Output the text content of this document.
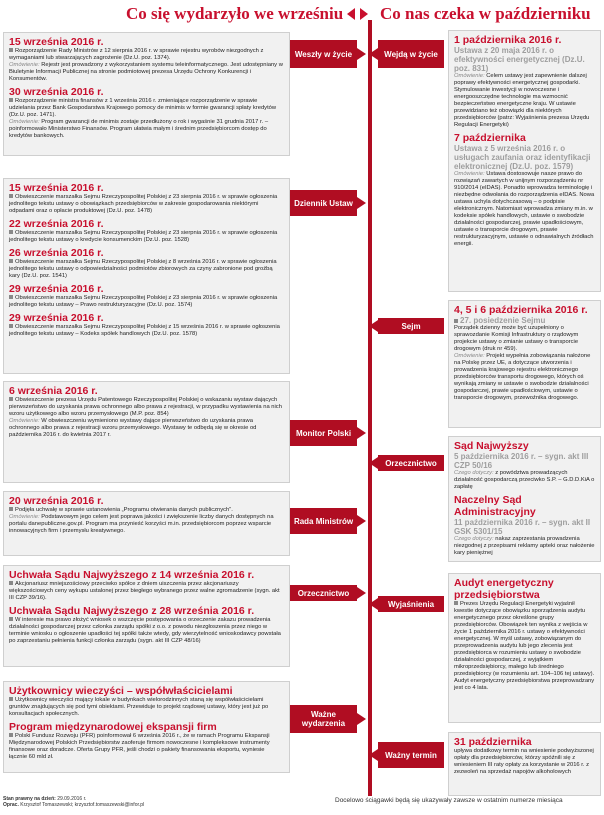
Co się wydarzyło we wrześniu Co nas czeka w październiku
15 września 2016 r.
Rozporządzenie Rady Ministrów z 12 sierpnia 2016 r. w sprawie rejestru wyrobów niezgodnych z wymaganiami lub stwarzających zagrożenie (Dz.U. poz. 1374).
Omówienie: Rejestr jest prowadzony z wykorzystaniem systemu teleinformatycznego. Jest udostępniany w Biuletynie Informacji Publicznej na stronie podmiotowej prezesa Urzędu Ochrony Konkurencji i Konsumentów.
30 września 2016 r.
Rozporządzenie ministra finansów z 1 września 2016 r. zmieniające rozporządzenie w sprawie udzielania przez Bank Gospodarstwa Krajowego pomocy de minimis w formie gwarancji spłaty kredytów (Dz.U. poz. 1471).
Omówienie: Program gwarancji de minimis zostaje przedłużony o rok i wygaśnie 31 grudnia 2017 r. – poinformowało Ministerstwo Finansów. Program ułatwia małym i średnim przedsiębiorcom dostęp do kredytów bankowych.
Weszły w życie
15 września 2016 r.
Obwieszczenie marszałka Sejmu Rzeczypospolitej Polskiej z 23 sierpnia 2016 r. w sprawie ogłoszenia jednolitego tekstu ustawy o obowiązkach przedsiębiorców w zakresie gospodarowania niektórymi odpadami oraz o opłacie produktowej (Dz.U. poz. 1478)
22 września 2016 r.
Obwieszczenie marszałka Sejmu Rzeczypospolitej Polskiej z 23 sierpnia 2016 r. w sprawie ogłoszenia jednolitego tekstu ustawy o kredycie konsumenckim (Dz.U. poz. 1528)
26 września 2016 r.
Obwieszczenie marszałka Sejmu Rzeczypospolitej Polskiej z 8 września 2016 r. w sprawie ogłoszenia jednolitego tekstu ustawy o odpowiedzialności podmiotów zbiorowych za czyny zabronione pod groźbą kary (Dz.U. poz. 1541)
29 września 2016 r.
Obwieszczenie marszałka Sejmu Rzeczypospolitej Polskiej z 23 sierpnia 2016 r. w sprawie ogłoszenia jednolitego tekstu ustawy – Prawo restrukturyzacyjne (Dz.U. poz. 1574)
29 września 2016 r.
Obwieszczenie marszałka Sejmu Rzeczypospolitej Polskiej z 15 września 2016 r. w sprawie ogłoszenia jednolitego tekstu ustawy – Kodeks spółek handlowych (Dz.U. poz. 1578)
Dziennik Ustaw
6 września 2016 r.
Obwieszczenie prezesa Urzędu Patentowego Rzeczypospolitej Polskiej o wskazaniu wystaw dających pierwszeństwo do uzyskania prawa ochronnego albo prawa z rejestracji, w przypadku wystawienia na nich wzoru użytkowego albo wzoru przemysłowego (M.P. poz. 854)
Omówienie: W obwieszczeniu wymieniono wystawy dające pierwszeństwo do uzyskania prawa ochronnego albo prawa z rejestracji wzoru przemysłowego. Wystawy te odbędą się w okresie od października 2016 r. do kwietnia 2017 r.	Monitor Polski
20 września 2016 r.
Podjęła uchwałę w sprawie ustanowienia „Programu otwierania danych publicznych”.
Omówienie: Podstawowym jego celem jest poprawa jakości i zwiększenie liczby danych dostępnych na portalu danepubliczne.gov.pl. Program ma przynieść korzyści m.in. przedsiębiorcom poprzez wsparcie innowacyjnych firm i przemysłu kreatywnego.
Rada Ministrów
Uchwała Sądu Najwyższego z 14 września 2016 r.
Akcjonariusz mniejszościowy przeciwko spółce z dniem uiszczenia przez akcjonariuszy większościowych ceny wykupu ustalonej przez biegłego wybranego przez walne zgromadzenie (sygn. akt III CZP 39/16).
Uchwała Sądu Najwyższego z 28 września 2016 r.
W interesie ma prawo złożyć wniosek o wszczęcie postępowania o orzeczenie zakazu prowadzenia działalności gospodarczej przez członka zarządu spółki z o.o. z powodu niezgłoszenia przez niego w terminie wniosku o ogłoszenie upadłości tej spółki także wtedy, gdy wierzytelność wnioskodawcy powstała po zaprzestaniu pełnienia funkcji członka zarządu (sygn. akt III CZP 48/16)
Orzecznictwo
Użytkownicy wieczyści – współwłaścicielami
Użytkownicy wieczyści mający lokale w budynkach wielorodzinnych staną się współwłaścicielami gruntów znajdujących się pod tymi obiektami. Przewiduje to projekt rządowej ustawy, który jest już po konsultacjach społecznych.
Program międzynarodowej ekspansji firm
Polski Fundusz Rozwoju (PFR) poinformował 6 września 2016 r., że w ramach Programu Ekspansji Międzynarodowej Polskich Przedsiębiorstw zaoferuje firmom nowoczesne i kompleksowe instrumenty finansowe oraz doradcze. Oferta Grupy PFR, jeśli chodzi o pakiety finansowania eksportu, wyniesie łącznie 60 mld zł.
Ważne wydarzenia
1 października 2016 r.
Ustawa z 20 maja 2016 r. o efektywności energetycznej (Dz.U. poz. 831)
Omówienie: Celem ustawy jest zapewnienie dalszej poprawy efektywności energetycznej gospodarki. Stymulowanie inwestycji w nowoczesne i energooszczędne technologie ma wzmocnić bezpieczeństwo energetyczne kraju. W ustawie przewidziano też obowiązki dla niektórych przedsiębiorców (patrz: Wyjaśnienia prezesa Urzędu Regulacji Energetyki)
7 października
Ustawa z 5 września 2016 r. o usługach zaufania oraz identyfikacji elektronicznej (Dz.U. poz. 1579)
Omówienie: Ustawa dostosowuje nasze prawo do rozwiązań zawartych w unijnym rozporządzeniu nr 910/2014 (eIDAS). Ponadto wprowadza terminologię i niezbędne odwołania do rozporządzenia eIDAS. Nowa ustawa uchyla dotychczasową – o podpisie elektronicznym. Natomiast wprowadza zmiany m.in. w kodeksie spółek handlowych, ustawie o swobodzie działalności gospodarczej, prawie upadłościowym, ustawie o transporcie drogowym, prawie restrukturyzacyjnym, ustawie o odnawialnych źródłach energii.
Wejdą w życie
4, 5 i 6 października 2016 r.
27. posiedzenie Sejmu
Porządek dzienny może być uzupełniony o sprawozdanie Komisji Infrastruktury o rządowym projekcie ustawy o zmianie ustawy o transporcie drogowym (druk nr 459).
Omówienie: Projekt wypełnia zobowiązania nałożone na Polskę przez UE, a dotyczące utworzenia i prowadzenia krajowego rejestru elektronicznego przedsiębiorców transportu drogowego, których oś wynikają zmiany w ustawie o swobodzie działalności gospodarczej, prawie upadłościowym, ustawie o transporcie drogowym, przewoźnika drogowego.
Sejm
Sąd Najwyższy
5 października 2016 r. – sygn. akt III CZP 50/16
Czego dotyczy: z powództwa prowadzących działalność gospodarczą przeciwko S.P. – G.D.D.KiA o zapłatę
Naczelny Sąd Administracyjny
11 października 2016 r. – sygn. akt II GSK 5301/15
Czego dotyczy: nakaz zaprzestania prowadzenia niezgodnej z przepisami reklamy apteki oraz nałożenie kary pieniężnej
Orzecznictwo
Audyt energetyczny przedsiębiorstwa
Prezes Urzędu Regulacji Energetyki wyjaśnił kwestie dotyczące obowiązku sporządzenia audytu energetycznego przez określone grupy przedsiębiorców. Obowiązek ten wynika z wejścia w życie 1 października 2016 r. ustawy o efektywności energetycznej. W myśl ustawy, zobowiązanym do przeprowadzenia audytu lub jego zlecenia jest przedsiębiorca w rozumieniu ustawy o swobodzie działalności gospodarczej, z wyjątkiem mikroprzedsiębiorcy, małego lub średniego przedsiębiorcy (w rozumieniu art. 104–106 tej ustawy). Audyt energetyczny przedsiębiorstwa przeprowadzany jest co 4 lata.
Wyjaśnienia
31 października
upływa dodatkowy termin na wniesienie podwyższonej opłaty dla przedsiębiorców, którzy spóźnili się z wniesieniem III raty opłaty za korzystanie w 2016 r. z zezwoleń na sprzedaż napojów alkoholowych
Ważny termin
Stan prawny na dzień: 29.09.2016 r.
Oprac. Krzysztof Tomaszewski; krzysztof.tomaszewski@infor.pl
Docelowo ściągawki będą się ukazywały zawsze w ostatnim numerze miesiąca
